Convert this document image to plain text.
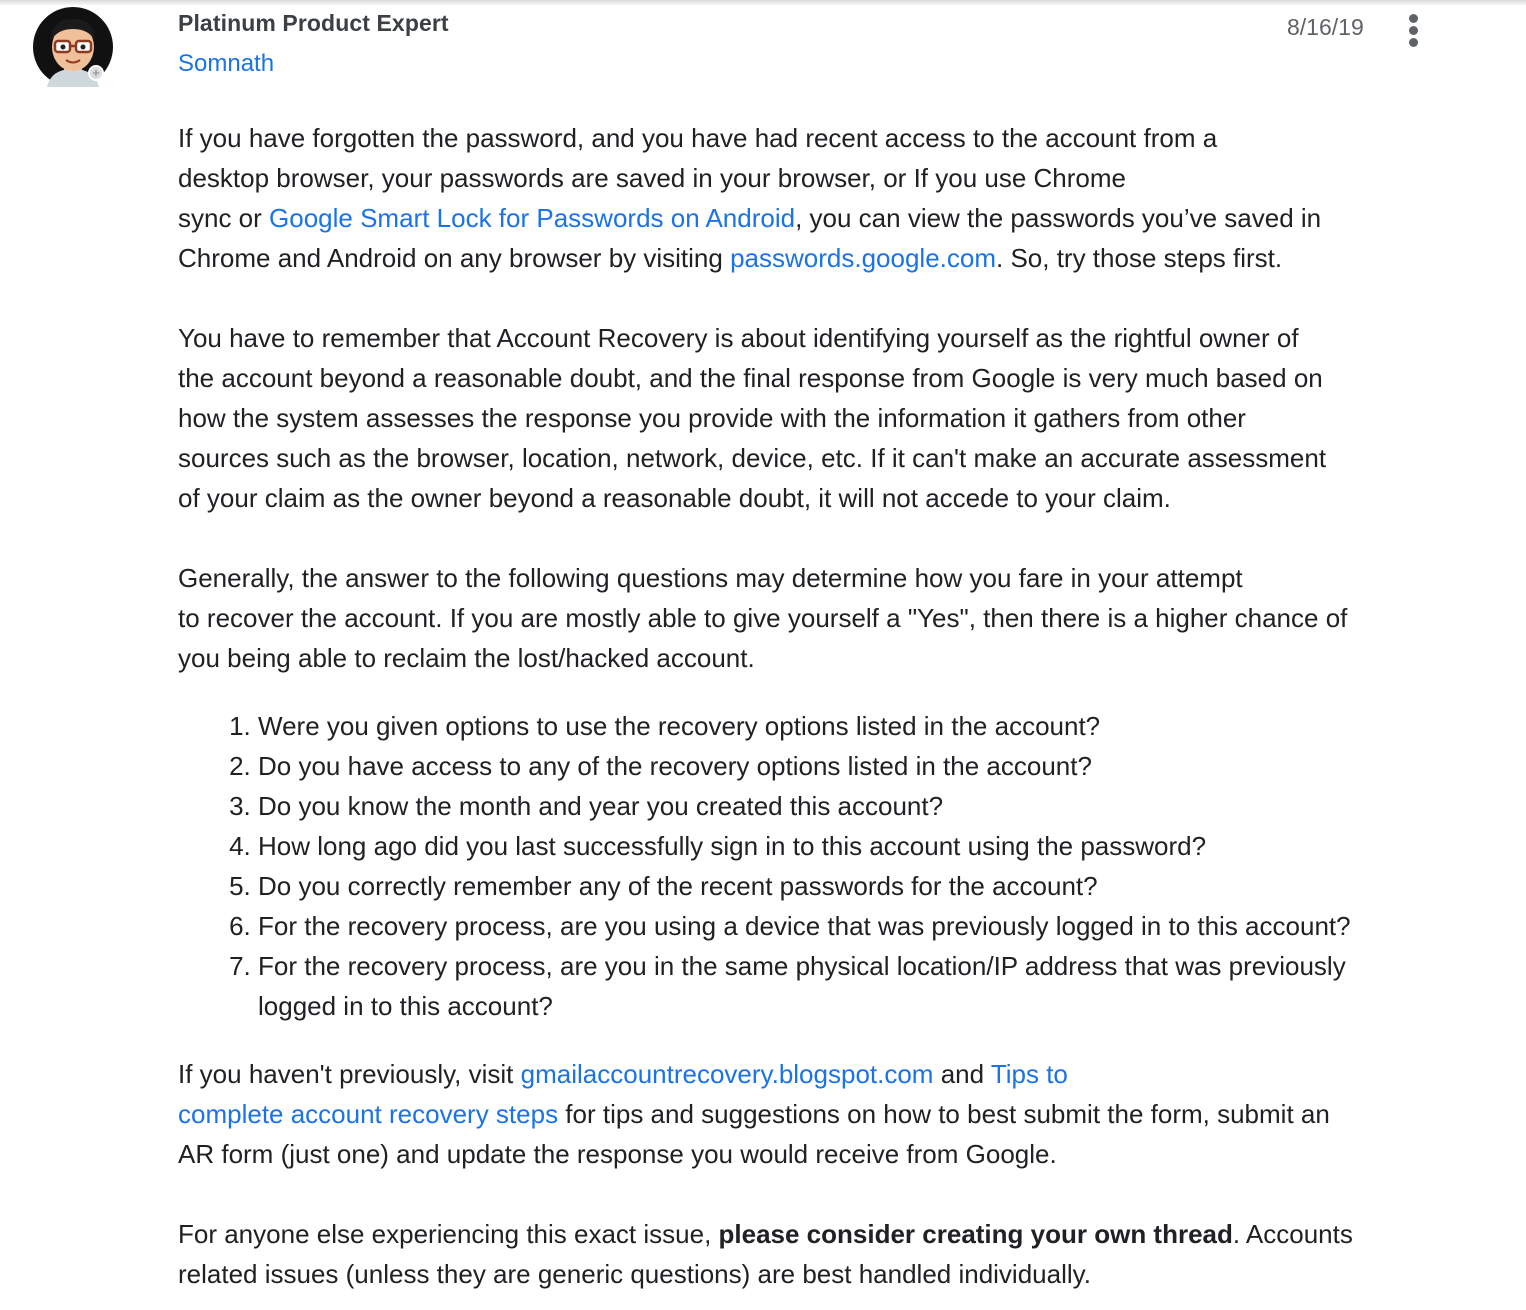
Platinum Product Expert
Somnath
8/16/19

If you have forgotten the password, and you have had recent access to the account from a
desktop browser, your passwords are saved in your browser, or If you use Chrome
sync or Google Smart Lock for Passwords on Android, you can view the passwords you’ve saved in
Chrome and Android on any browser by visiting passwords.google.com. So, try those steps first.

You have to remember that Account Recovery is about identifying yourself as the rightful owner of
the account beyond a reasonable doubt, and the final response from Google is very much based on
how the system assesses the response you provide with the information it gathers from other
sources such as the browser, location, network, device, etc. If it can't make an accurate assessment
of your claim as the owner beyond a reasonable doubt, it will not accede to your claim.

Generally, the answer to the following questions may determine how you fare in your attempt
to recover the account. If you are mostly able to give yourself a "Yes", then there is a higher chance of
you being able to reclaim the lost/hacked account.

1. Were you given options to use the recovery options listed in the account?
2. Do you have access to any of the recovery options listed in the account?
3. Do you know the month and year you created this account?
4. How long ago did you last successfully sign in to this account using the password?
5. Do you correctly remember any of the recent passwords for the account?
6. For the recovery process, are you using a device that was previously logged in to this account?
7. For the recovery process, are you in the same physical location/IP address that was previously
logged in to this account?

If you haven't previously, visit gmailaccountrecovery.blogspot.com and Tips to
complete account recovery steps for tips and suggestions on how to best submit the form, submit an
AR form (just one) and update the response you would receive from Google.

For anyone else experiencing this exact issue, please consider creating your own thread. Accounts
related issues (unless they are generic questions) are best handled individually.
